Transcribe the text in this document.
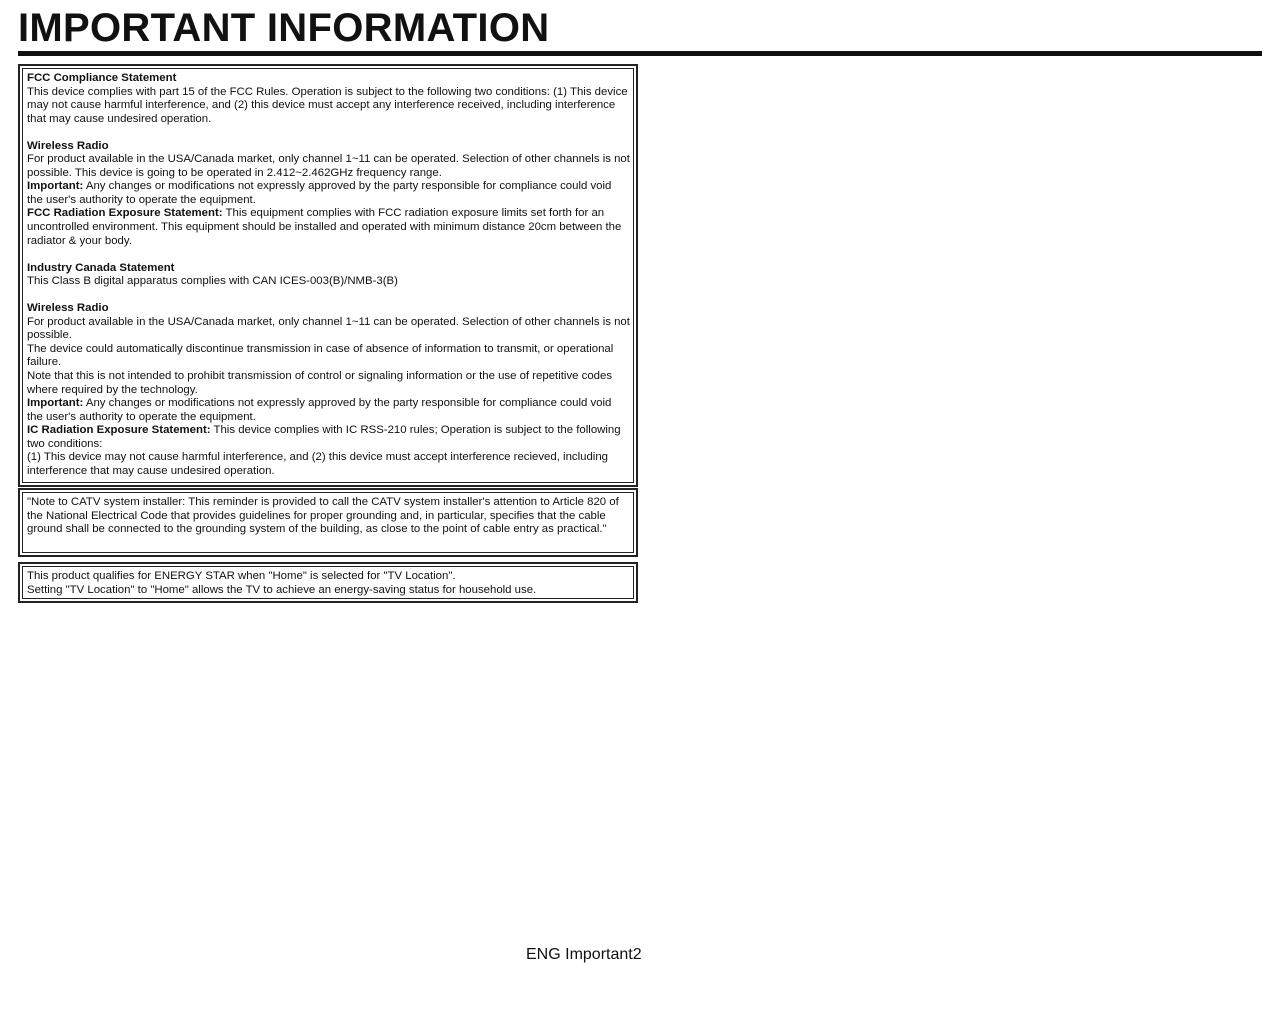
IMPORTANT INFORMATION
FCC Compliance Statement
This device complies with part 15 of the FCC Rules. Operation is subject to the following two conditions: (1) This device may not cause harmful interference, and (2) this device must accept any interference received, including interference that may cause undesired operation.
Wireless Radio
For product available in the USA/Canada market, only channel 1~11 can be operated. Selection of other channels is not possible. This device is going to be operated in 2.412~2.462GHz frequency range.
Important: Any changes or modifications not expressly approved by the party responsible for compliance could void the user's authority to operate the equipment.
FCC Radiation Exposure Statement: This equipment complies with FCC radiation exposure limits set forth for an uncontrolled environment. This equipment should be installed and operated with minimum distance 20cm between the radiator & your body.
Industry Canada Statement
This Class B digital apparatus complies with CAN ICES-003(B)/NMB-3(B)
Wireless Radio
For product available in the USA/Canada market, only channel 1~11 can be operated. Selection of other channels is not possible.
The device could automatically discontinue transmission in case of absence of information to transmit, or operational failure.
Note that this is not intended to prohibit transmission of control or signaling information or the use of repetitive codes where required by the technology.
Important: Any changes or modifications not expressly approved by the party responsible for compliance could void the user's authority to operate the equipment.
IC Radiation Exposure Statement: This device complies with IC RSS-210 rules; Operation is subject to the following two conditions:
(1) This device may not cause harmful interference, and (2) this device must accept interference recieved, including interference that may cause undesired operation.
"Note to CATV system installer: This reminder is provided to call the CATV system installer's attention to Article 820 of the National Electrical Code that provides guidelines for proper grounding and, in particular, specifies that the cable ground shall be connected to the grounding system of the building, as close to the point of cable entry as practical."
This product qualifies for ENERGY STAR when "Home" is selected for "TV Location".
Setting "TV Location" to "Home" allows the TV to achieve an energy-saving status for household use.
ENG Important2
